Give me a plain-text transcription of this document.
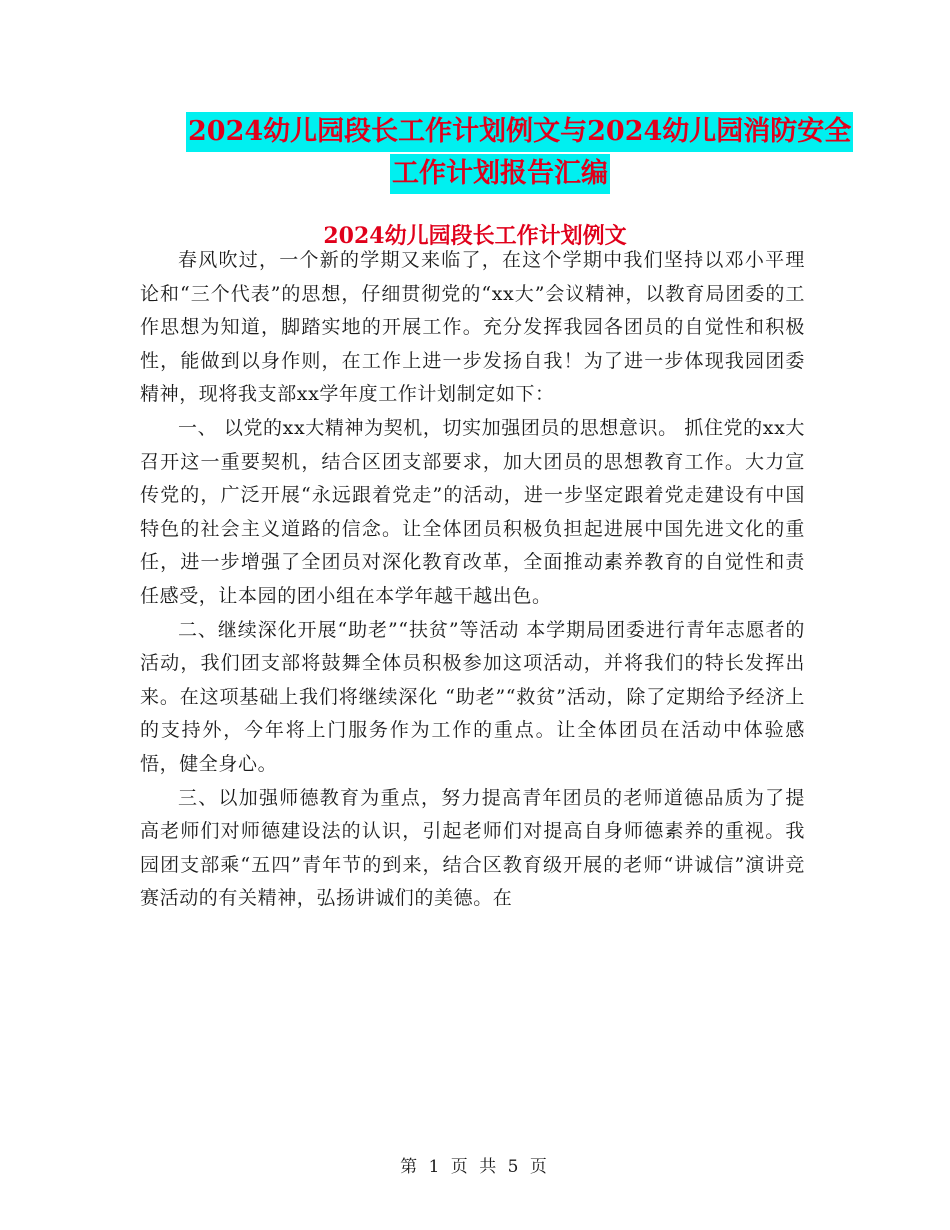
2024幼儿园段长工作计划例文与2024幼儿园消防安全
工作计划报告汇编
2024幼儿园段长工作计划例文

春风吹过，一个新的学期又来临了，在这个学期中我们坚持以邓小平理论和“三个代表”的思想，仔细贯彻党的“xx大”会议精神，以教育局团委的工作思想为知道，脚踏实地的开展工作。充分发挥我园各团员的自觉性和积极性，能做到以身作则，在工作上进一步发扬自我！为了进一步体现我园团委精神，现将我支部xx学年度工作计划制定如下：

一、 以党的xx大精神为契机，切实加强团员的思想意识。 抓住党的xx大召开这一重要契机，结合区团支部要求，加大团员的思想教育工作。大力宣传党的，广泛开展“永远跟着党走”的活动，进一步坚定跟着党走建设有中国特色的社会主义道路的信念。让全体团员积极负担起进展中国先进文化的重任，进一步增强了全团员对深化教育改革，全面推动素养教育的自觉性和责任感受，让本园的团小组在本学年越干越出色。

二、继续深化开展“助老”“扶贫”等活动 本学期局团委进行青年志愿者的活动，我们团支部将鼓舞全体员积极参加这项活动，并将我们的特长发挥出来。在这项基础上我们将继续深化 “助老”“救贫”活动，除了定期给予经济上的支持外，今年将上门服务作为工作的重点。让全体团员在活动中体验感悟，健全身心。

三、以加强师德教育为重点，努力提高青年团员的老师道德品质为了提高老师们对师德建设法的认识，引起老师们对提高自身师德素养的重视。我园团支部乘“五四”青年节的到来，结合区教育级开展的老师“讲诚信”演讲竞赛活动的有关精神，弘扬讲诚们的美德。在

第 1 页 共 5 页
